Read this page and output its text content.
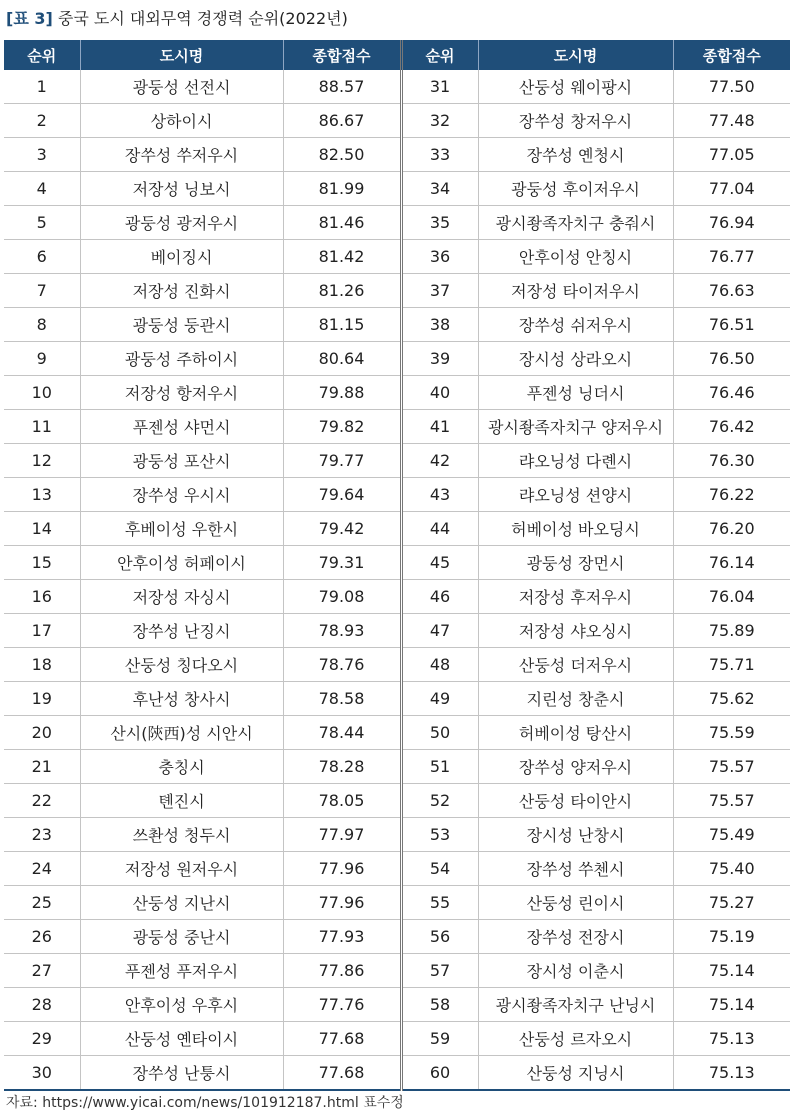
[표 3] 중국 도시 대외무역 경쟁력 순위(2022년)
순위	도시명	종합점수	순위	도시명	종합점수
1	광둥성 선전시	88.57	31	산둥성 웨이팡시	77.50
2	상하이시	86.67	32	장쑤성 창저우시	77.48
3	장쑤성 쑤저우시	82.50	33	장쑤성 옌청시	77.05
4	저장성 닝보시	81.99	34	광둥성 후이저우시	77.04
5	광둥성 광저우시	81.46	35	광시좡족자치구 충줘시	76.94
6	베이징시	81.42	36	안후이성 안칭시	76.77
7	저장성 진화시	81.26	37	저장성 타이저우시	76.63
8	광둥성 둥관시	81.15	38	장쑤성 쉬저우시	76.51
9	광둥성 주하이시	80.64	39	장시성 상라오시	76.50
10	저장성 항저우시	79.88	40	푸젠성 닝더시	76.46
11	푸젠성 샤먼시	79.82	41	광시좡족자치구 양저우시	76.42
12	광둥성 포산시	79.77	42	랴오닝성 다롄시	76.30
13	장쑤성 우시시	79.64	43	랴오닝성 션양시	76.22
14	후베이성 우한시	79.42	44	허베이성 바오딩시	76.20
15	안후이성 허페이시	79.31	45	광둥성 장먼시	76.14
16	저장성 자싱시	79.08	46	저장성 후저우시	76.04
17	장쑤성 난징시	78.93	47	저장성 샤오싱시	75.89
18	산둥성 칭다오시	78.76	48	산둥성 더저우시	75.71
19	후난성 창사시	78.58	49	지린성 창춘시	75.62
20	산시(陝西)성 시안시	78.44	50	허베이성 탕산시	75.59
21	충칭시	78.28	51	장쑤성 양저우시	75.57
22	톈진시	78.05	52	산둥성 타이안시	75.57
23	쓰촨성 청두시	77.97	53	장시성 난창시	75.49
24	저장성 원저우시	77.96	54	장쑤성 쑤첸시	75.40
25	산둥성 지난시	77.96	55	산둥성 린이시	75.27
26	광둥성 중난시	77.93	56	장쑤성 전장시	75.19
27	푸젠성 푸저우시	77.86	57	장시성 이춘시	75.14
28	안후이성 우후시	77.76	58	광시좡족자치구 난닝시	75.14
29	산둥성 옌타이시	77.68	59	산둥성 르자오시	75.13
30	장쑤성 난퉁시	77.68	60	산둥성 지닝시	75.13
자료: https://www.yicai.com/news/101912187.html 표수정
